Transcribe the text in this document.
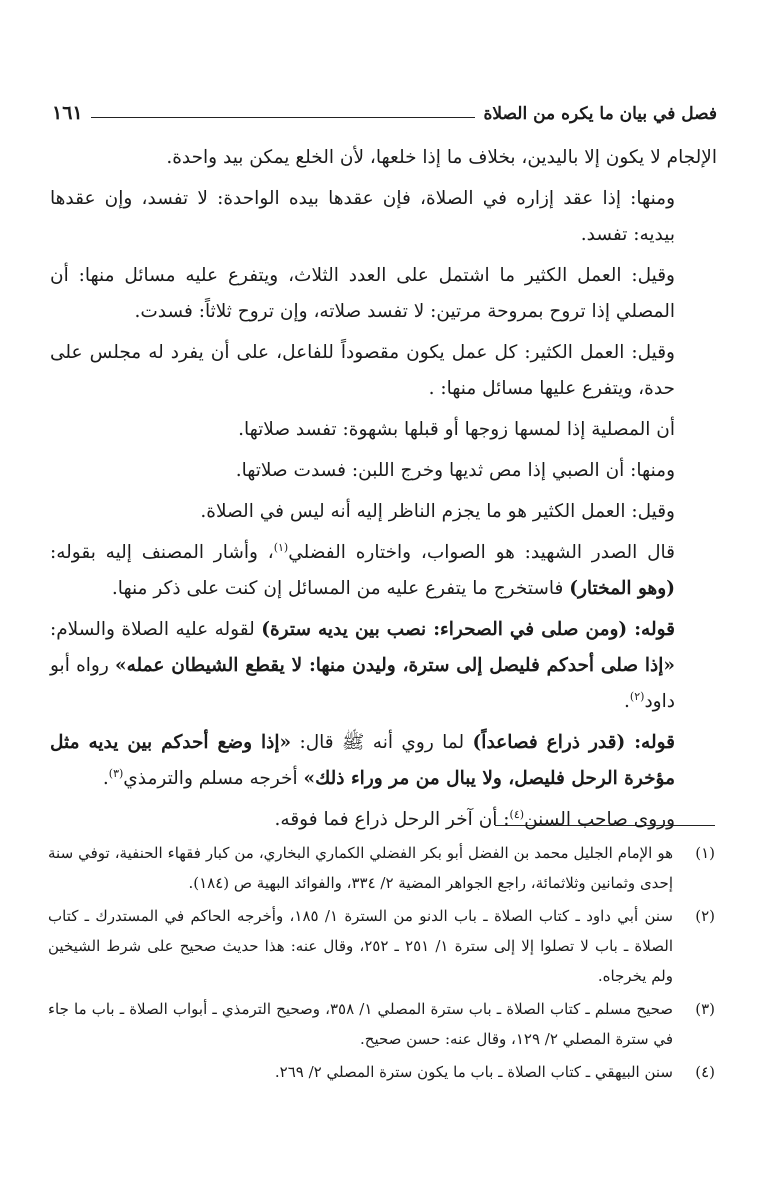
فصل في بيان ما يكره من الصلاة
١٦١

الإلجام لا يكون إلا باليدين، بخلاف ما إذا خلعها، لأن الخلع يمكن بيد واحدة.

ومنها: إذا عقد إزاره في الصلاة، فإن عقدها بيده الواحدة: لا تفسد، وإن عقدها بيديه: تفسد.

وقيل: العمل الكثير ما اشتمل على العدد الثلاث، ويتفرع عليه مسائل منها: أن المصلي إذا تروح بمروحة مرتين: لا تفسد صلاته، وإن تروح ثلاثاً: فسدت.

وقيل: العمل الكثير: كل عمل يكون مقصوداً للفاعل، على أن يفرد له مجلس على حدة، ويتفرع عليها مسائل منها: .

أن المصلية إذا لمسها زوجها أو قبلها بشهوة: تفسد صلاتها.

ومنها: أن الصبي إذا مص ثديها وخرج اللبن: فسدت صلاتها.

وقيل: العمل الكثير هو ما يجزم الناظر إليه أنه ليس في الصلاة.

قال الصدر الشهيد: هو الصواب، واختاره الفضلي$^{(١)}$، وأشار المصنف إليه بقوله: (وهو المختار) فاستخرج ما يتفرع عليه من المسائل إن كنت على ذكر منها.

قوله: (ومن صلى في الصحراء: نصب بين يديه سترة) لقوله عليه الصلاة والسلام: «إذا صلى أحدكم فليصل إلى سترة، وليدن منها: لا يقطع الشيطان عمله» رواه أبو داود$^{(٢)}$.

قوله: (قدر ذراع فصاعداً) لما روي أنه ﷺ قال: «إذا وضع أحدكم بين يديه مثل مؤخرة الرحل فليصل، ولا يبال من مر وراء ذلك» أخرجه مسلم والترمذي$^{(٣)}$.

وروى صاحب السنن$^{(٤)}$: أن آخر الرحل ذراع فما فوقه.

(١)
هو الإمام الجليل محمد بن الفضل أبو بكر الفضلي الكماري البخاري، من كبار فقهاء الحنفية، توفي سنة إحدى وثمانين وثلاثمائة، راجع الجواهر المضية ٢/ ٣٣٤، والفوائد البهية ص (١٨٤).
(٢)
سنن أبي داود ـ كتاب الصلاة ـ باب الدنو من السترة ١/ ١٨٥، وأخرجه الحاكم في المستدرك ـ كتاب الصلاة ـ باب لا تصلوا إلا إلى سترة ١/ ٢٥١ ـ ٢٥٢، وقال عنه: هذا حديث صحيح على شرط الشيخين ولم يخرجاه.
(٣)
صحيح مسلم ـ كتاب الصلاة ـ باب سترة المصلي ١/ ٣٥٨، وصحيح الترمذي ـ أبواب الصلاة ـ باب ما جاء في سترة المصلي ٢/ ١٢٩، وقال عنه: حسن صحيح.
(٤)
سنن البيهقي ـ كتاب الصلاة ـ باب ما يكون سترة المصلي ٢/ ٢٦٩.
